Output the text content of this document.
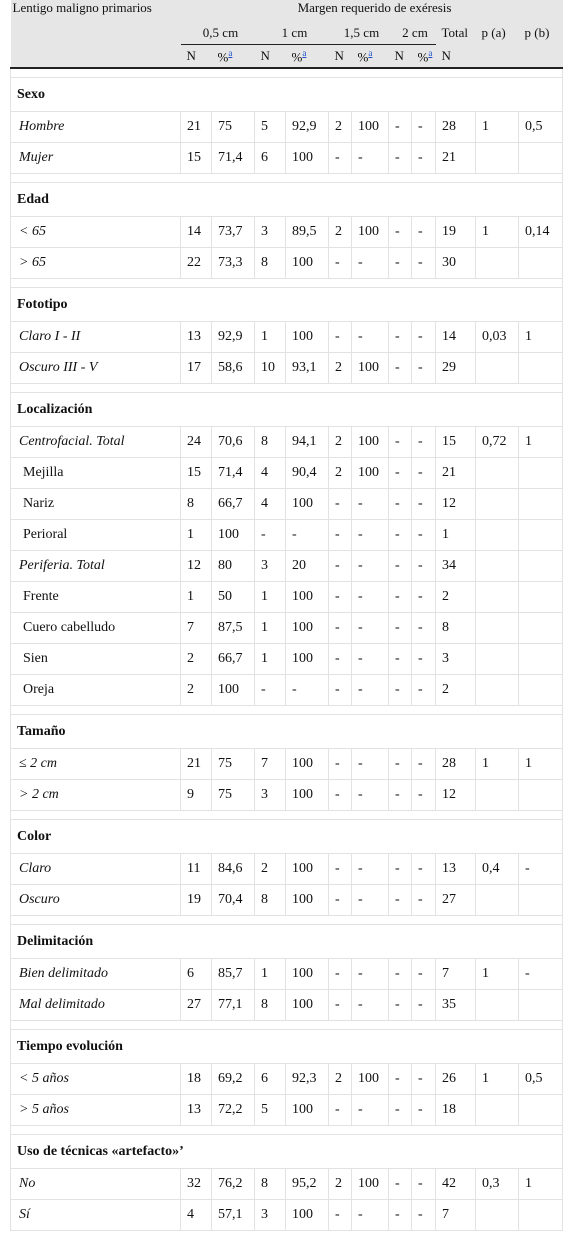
Lentigo maligno primarios	Margen requerido de exéresis										
	0,5 cm		1 cm		1,5 cm		2 cm		Total	p (a)	p (b)
	N	%$^a$	N	%$^a$	N	%$^a$	N	%$^a$	N		

Sexo											
Hombre	21	75	5	92,9	2	100	-	-	28	1	0,5
Mujer	15	71,4	6	100	-	-	-	-	21		

Edad											
< 65	14	73,7	3	89,5	2	100	-	-	19	1	0,14
> 65	22	73,3	8	100	-	-	-	-	30		

Fototipo											
Claro I - II	13	92,9	1	100	-	-	-	-	14	0,03	1
Oscuro III - V	17	58,6	10	93,1	2	100	-	-	29		

Localización											
Centrofacial. Total	24	70,6	8	94,1	2	100	-	-	15	0,72	1
Mejilla	15	71,4	4	90,4	2	100	-	-	21		
Nariz	8	66,7	4	100	-	-	-	-	12		
Perioral	1	100	-	-	-	-	-	-	1		
Periferia. Total	12	80	3	20	-	-	-	-	34		
Frente	1	50	1	100	-	-	-	-	2		
Cuero cabelludo	7	87,5	1	100	-	-	-	-	8		
Sien	2	66,7	1	100	-	-	-	-	3		
Oreja	2	100	-	-	-	-	-	-	2		

Tamaño											
≤ 2 cm	21	75	7	100	-	-	-	-	28	1	1
> 2 cm	9	75	3	100	-	-	-	-	12		

Color											
Claro	11	84,6	2	100	-	-	-	-	13	0,4	-
Oscuro	19	70,4	8	100	-	-	-	-	27		

Delimitación											
Bien delimitado	6	85,7	1	100	-	-	-	-	7	1	-
Mal delimitado	27	77,1	8	100	-	-	-	-	35		

Tiempo evolución											
< 5 años	18	69,2	6	92,3	2	100	-	-	26	1	0,5
> 5 años	13	72,2	5	100	-	-	-	-	18		

Uso de técnicas «artefacto»’											
No	32	76,2	8	95,2	2	100	-	-	42	0,3	1
Sí	4	57,1	3	100	-	-	-	-	7		
